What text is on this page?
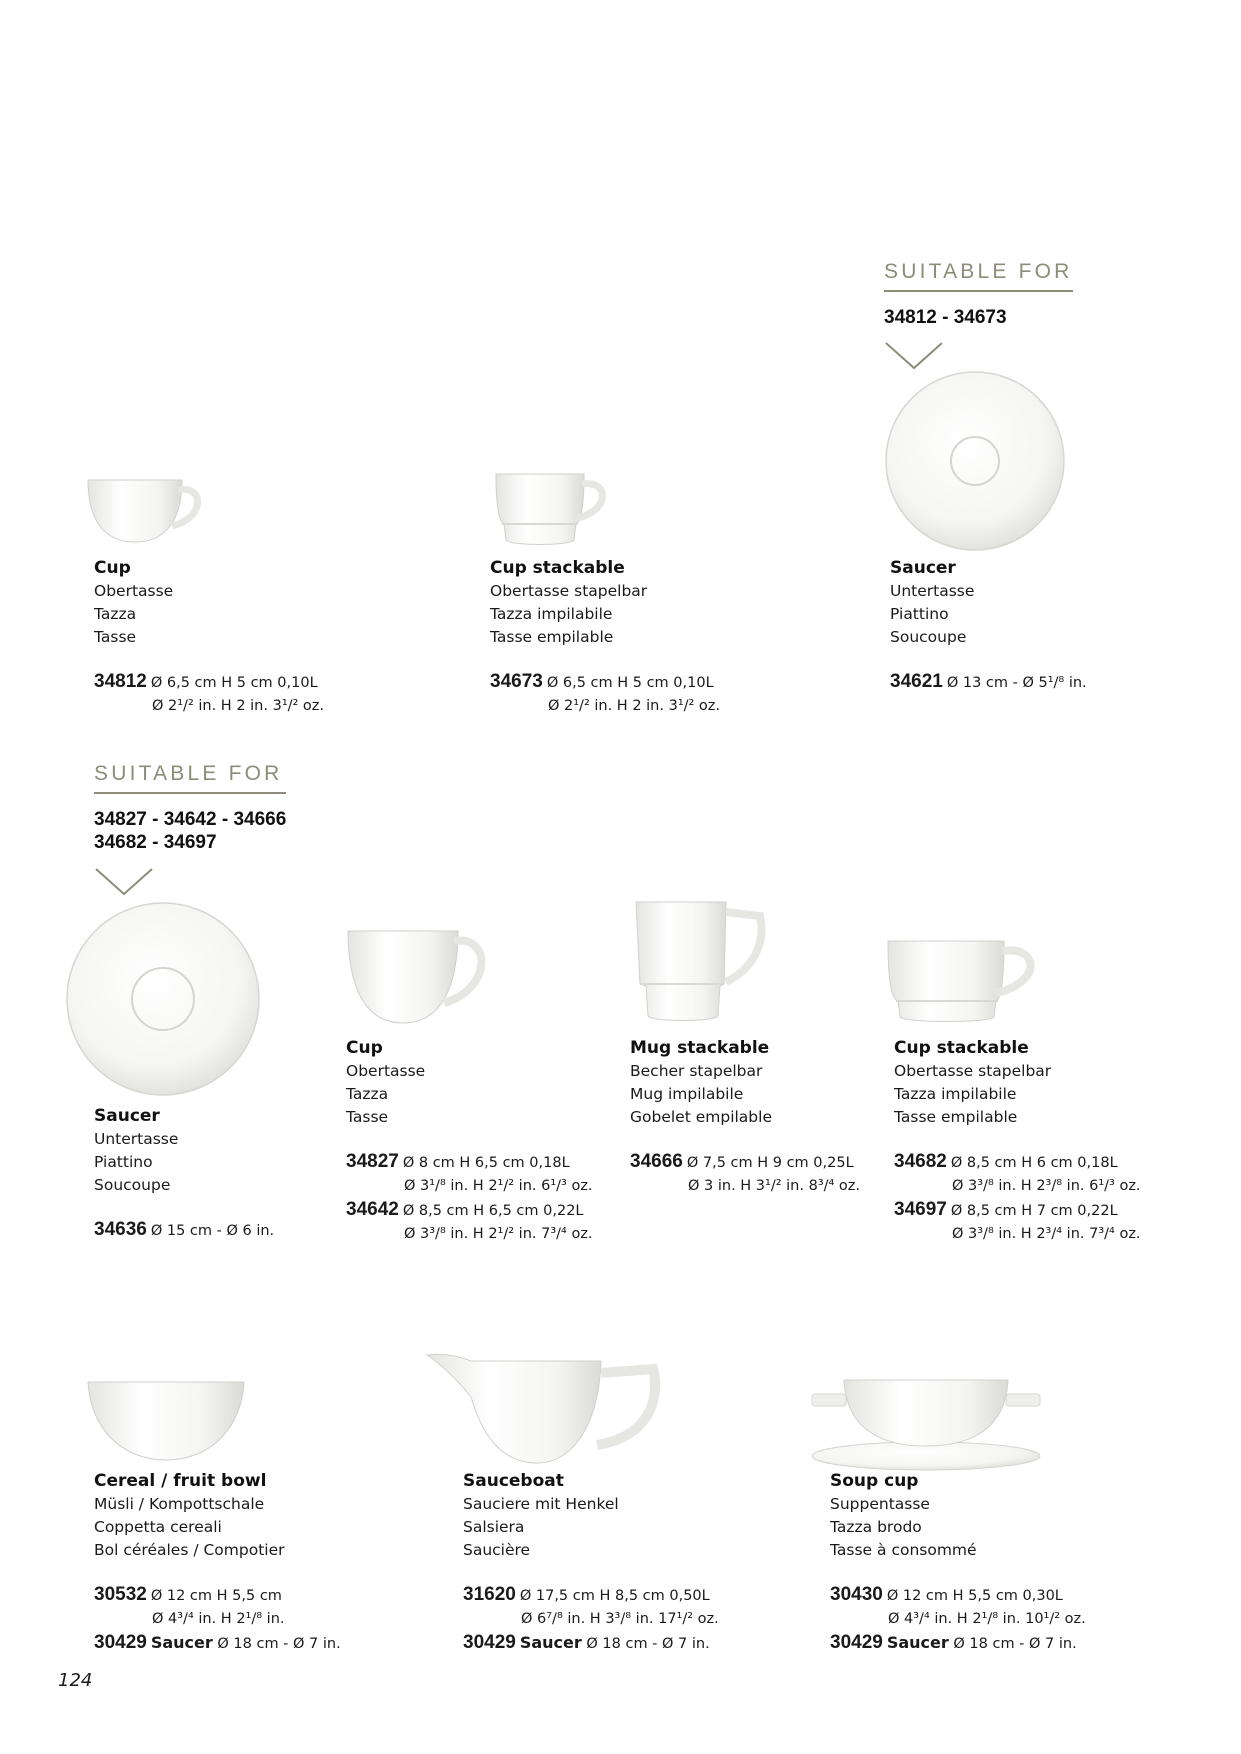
SUITABLE FOR
34812 - 34673
Cup
Obertasse
Tazza
Tasse
34812 Ø 6,5 cm H 5 cm 0,10L
Ø 2¹/² in. H 2 in. 3¹/² oz.
Cup stackable
Obertasse stapelbar
Tazza impilabile
Tasse empilable
34673 Ø 6,5 cm H 5 cm 0,10L
Ø 2¹/² in. H 2 in. 3¹/² oz.
Saucer
Untertasse
Piattino
Soucoupe
34621 Ø 13 cm - Ø 5¹/⁸ in.
SUITABLE FOR
34827 - 34642 - 34666
34682 - 34697
Saucer
Untertasse
Piattino
Soucoupe
34636 Ø 15 cm - Ø 6 in.
Cup
Obertasse
Tazza
Tasse
34827 Ø 8 cm H 6,5 cm 0,18L
Ø 3¹/⁸ in. H 2¹/² in. 6¹/³ oz.
34642 Ø 8,5 cm H 6,5 cm 0,22L
Ø 3³/⁸ in. H 2¹/² in. 7³/⁴ oz.
Mug stackable
Becher stapelbar
Mug impilabile
Gobelet empilable
34666 Ø 7,5 cm H 9 cm 0,25L
Ø 3 in. H 3¹/² in. 8³/⁴ oz.
Cup stackable
Obertasse stapelbar
Tazza impilabile
Tasse empilable
34682 Ø 8,5 cm H 6 cm 0,18L
Ø 3³/⁸ in. H 2³/⁸ in. 6¹/³ oz.
34697 Ø 8,5 cm H 7 cm 0,22L
Ø 3³/⁸ in. H 2³/⁴ in. 7³/⁴ oz.
Cereal / fruit bowl
Müsli / Kompottschale
Coppetta cereali
Bol céréales / Compotier
30532 Ø 12 cm H 5,5 cm
Ø 4³/⁴ in. H 2¹/⁸ in.
30429 Saucer Ø 18 cm - Ø 7 in.
Sauceboat
Sauciere mit Henkel
Salsiera
Saucière
31620 Ø 17,5 cm H 8,5 cm 0,50L
Ø 6⁷/⁸ in. H 3³/⁸ in. 17¹/² oz.
30429 Saucer Ø 18 cm - Ø 7 in.
Soup cup
Suppentasse
Tazza brodo
Tasse à consommé
30430 Ø 12 cm H 5,5 cm 0,30L
Ø 4³/⁴ in. H 2¹/⁸ in. 10¹/² oz.
30429 Saucer Ø 18 cm - Ø 7 in.
124
